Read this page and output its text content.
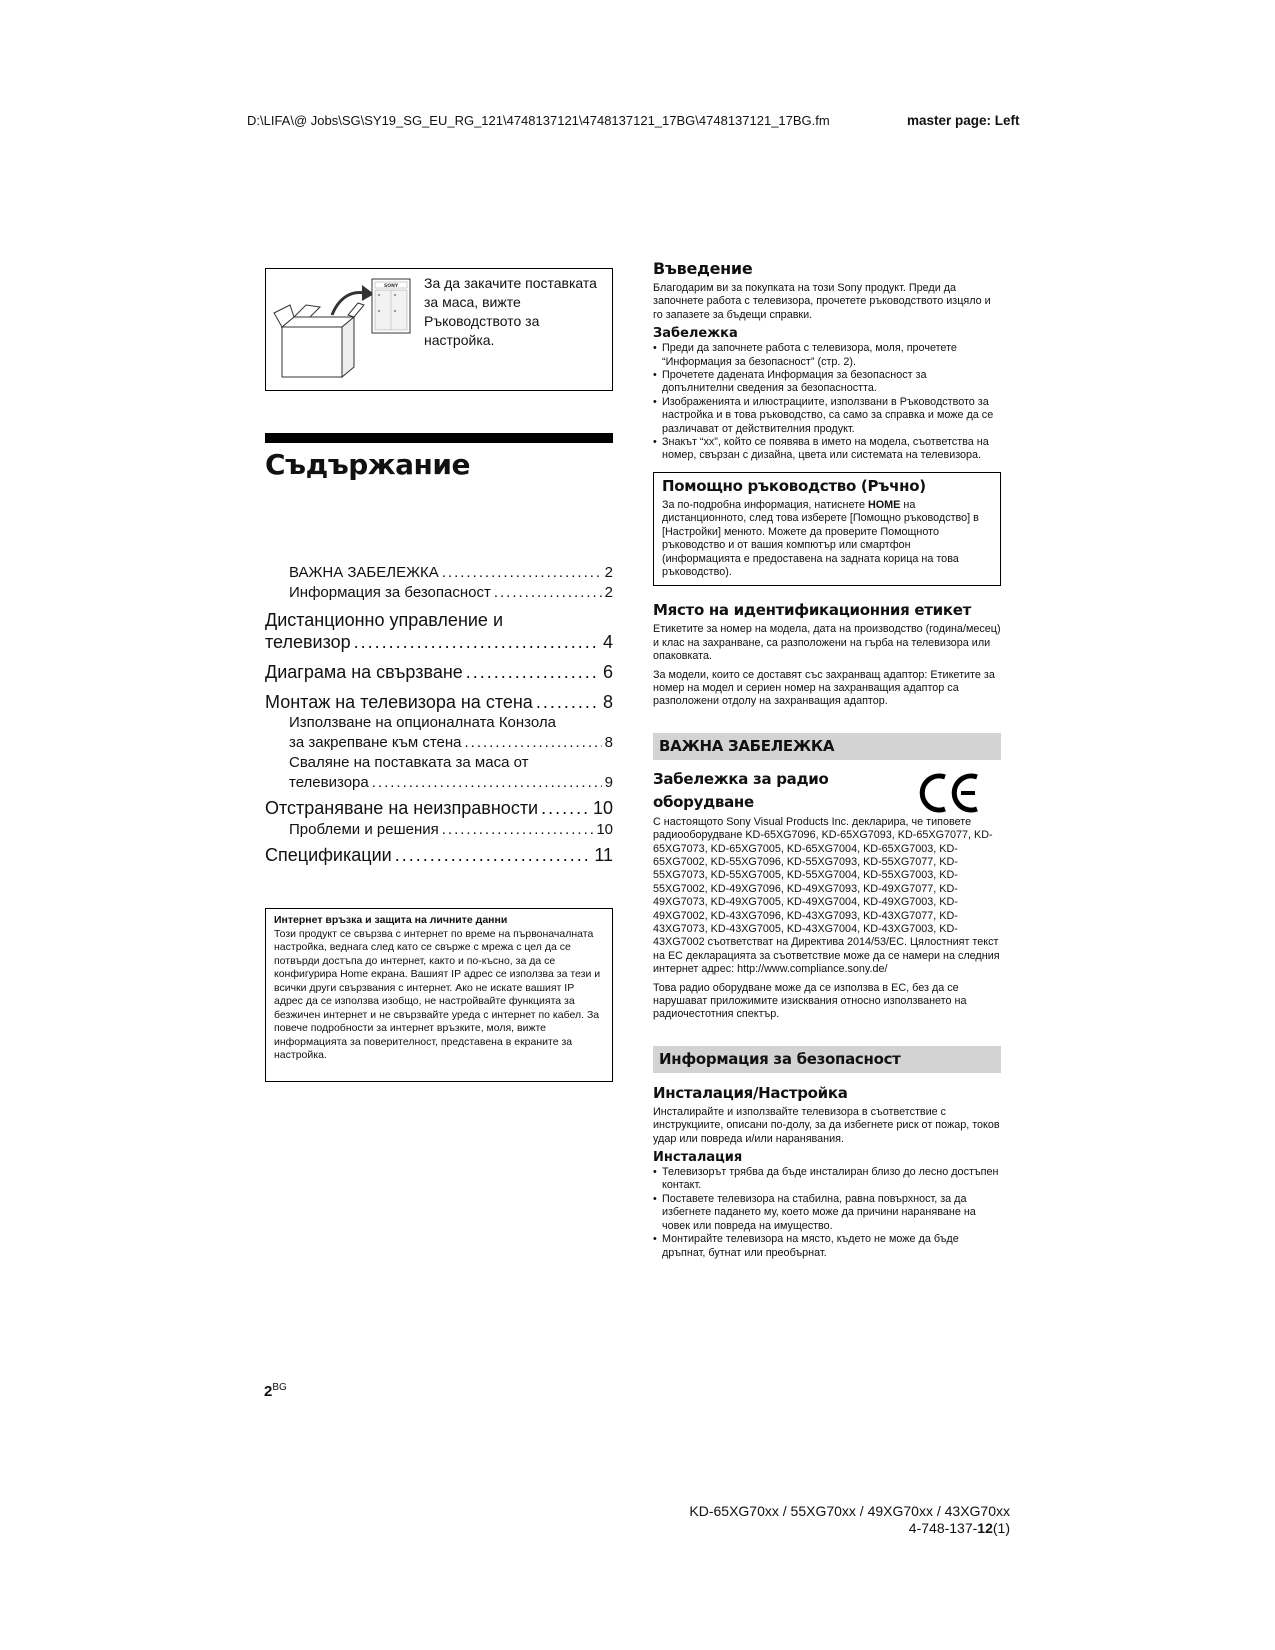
D:\LIFA\@ Jobs\SG\SY19_SG_EU_RG_121\4748137121\4748137121_17BG\4748137121_17BG.fm	master page: Left
SONY За да закачите поставката за маса, вижте Ръководството за настройка.
Съдържание
ВАЖНА ЗАБЕЛЕЖКА .....	2
Информация за безопасност .....	2
Дистанционно управление и
телевизор .....	4
Диаграма на свързване .....	6
Монтаж на телевизора на стена .....	8
Използване на опционалната Конзола
за закрепване към стена .....	8
Сваляне на поставката за маса от
телевизора .....	9
Отстраняване на неизправности .....	10
Проблеми и решения .....	10
Спецификации .....	11
Интернет връзка и защита на личните данни
Този продукт се свързва с интернет по време на първоначалната настройка, веднага след като се свърже с мрежа с цел да се потвърди достъпа до интернет, както и по-късно, за да се конфигурира Home екрана. Вашият IP адрес се използва за тези и всички други свързвания с интернет. Ако не искате вашият IP адрес да се използва изобщо, не настройвайте функцията за безжичен интернет и не свързвайте уреда с интернет по кабел. За повече подробности за интернет връзките, моля, вижте информацията за поверителност, представена в екраните за настройка.
$2^{BG}$
Въведение
Благодарим ви за покупката на този Sony продукт. Преди да започнете работа с телевизора, прочетете ръководството изцяло и го запазете за бъдещи справки.
Забележка
• Преди да започнете работа с телевизора, моля, прочетете “Информация за безопасност” (стр. 2).
• Прочетете дадената Информация за безопасност за допълнителни сведения за безопасността.
• Изображенията и илюстрациите, използвани в Ръководството за настройка и в това ръководство, са само за справка и може да се различават от действителния продукт.
• Знакът “xx”, който се появява в името на модела, съответства на номер, свързан с дизайна, цвета или системата на телевизора.
Помощно ръководство (Ръчно)
За по-подробна информация, натиснете HOME на дистанционното, след това изберете [Помощно ръководство] в [Настройки] менюто. Можете да проверите Помощното ръководство и от вашия компютър или смартфон (информацията е предоставена на задната корица на това ръководство).
Място на идентификационния етикет
Етикетите за номер на модела, дата на производство (година/месец) и клас на захранване, са разположени на гърба на телевизора или опаковката.
За модели, които се доставят със захранващ адаптор: Етикетите за номер на модел и сериен номер на захранващия адаптор са разположени отдолу на захранващия адаптор.
ВАЖНА ЗАБЕЛЕЖКА
Забележка за радио
оборудване
С настоящото Sony Visual Products Inc. декларира, че типовете радиооборудване KD-65XG7096, KD-65XG7093, KD-65XG7077, KD-65XG7073, KD-65XG7005, KD-65XG7004, KD-65XG7003, KD-65XG7002, KD-55XG7096, KD-55XG7093, KD-55XG7077, KD-55XG7073, KD-55XG7005, KD-55XG7004, KD-55XG7003, KD-55XG7002, KD-49XG7096, KD-49XG7093, KD-49XG7077, KD-49XG7073, KD-49XG7005, KD-49XG7004, KD-49XG7003, KD-49XG7002, KD-43XG7096, KD-43XG7093, KD-43XG7077, KD-43XG7073, KD-43XG7005, KD-43XG7004, KD-43XG7003, KD-43XG7002 съответстват на Директива 2014/53/ЕС. Цялостният текст на ЕС декларацията за съответствие може да се намери на следния интернет адрес: http://www.compliance.sony.de/
Това радио оборудване може да се използва в ЕС, без да се нарушават приложимите изисквания относно използването на радиочестотния спектър.
Информация за безопасност
Инсталация/Настройка
Инсталирайте и използвайте телевизора в съответствие с инструкциите, описани по-долу, за да избегнете риск от пожар, токов удар или повреда и/или наранявания.
Инсталация
• Телевизорът трябва да бъде инсталиран близо до лесно достъпен контакт.
• Поставете телевизора на стабилна, равна повърхност, за да избегнете падането му, което може да причини нараняване на човек или повреда на имущество.
• Монтирайте телевизора на място, където не може да бъде дръпнат, бутнат или преобърнат.
KD-65XG70xx / 55XG70xx / 49XG70xx / 43XG70xx
4-748-137-12(1)
